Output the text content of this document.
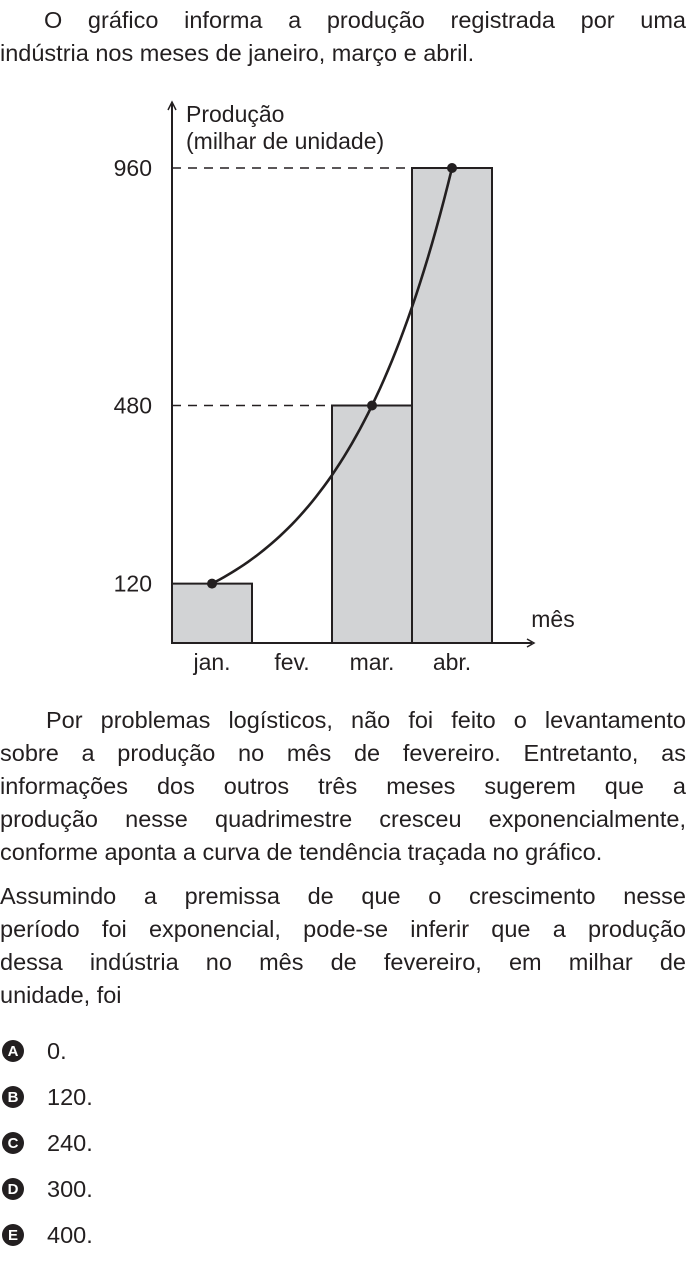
O gráfico informa a produção registrada por uma
indústria nos meses de janeiro, março e abril.
120
480
960
Produção
(milhar de unidade)
jan. fev. mar. abr.
mês
Por problemas logísticos, não foi feito o levantamento
sobre a produção no mês de fevereiro. Entretanto, as
informações dos outros três meses sugerem que a
produção nesse quadrimestre cresceu exponencialmente,
conforme aponta a curva de tendência traçada no gráfico.
Assumindo a premissa de que o crescimento nesse
período foi exponencial, pode-se inferir que a produção
dessa indústria no mês de fevereiro, em milhar de
unidade, foi
A 0.
B 120.
C 240.
D 300.
E 400.
